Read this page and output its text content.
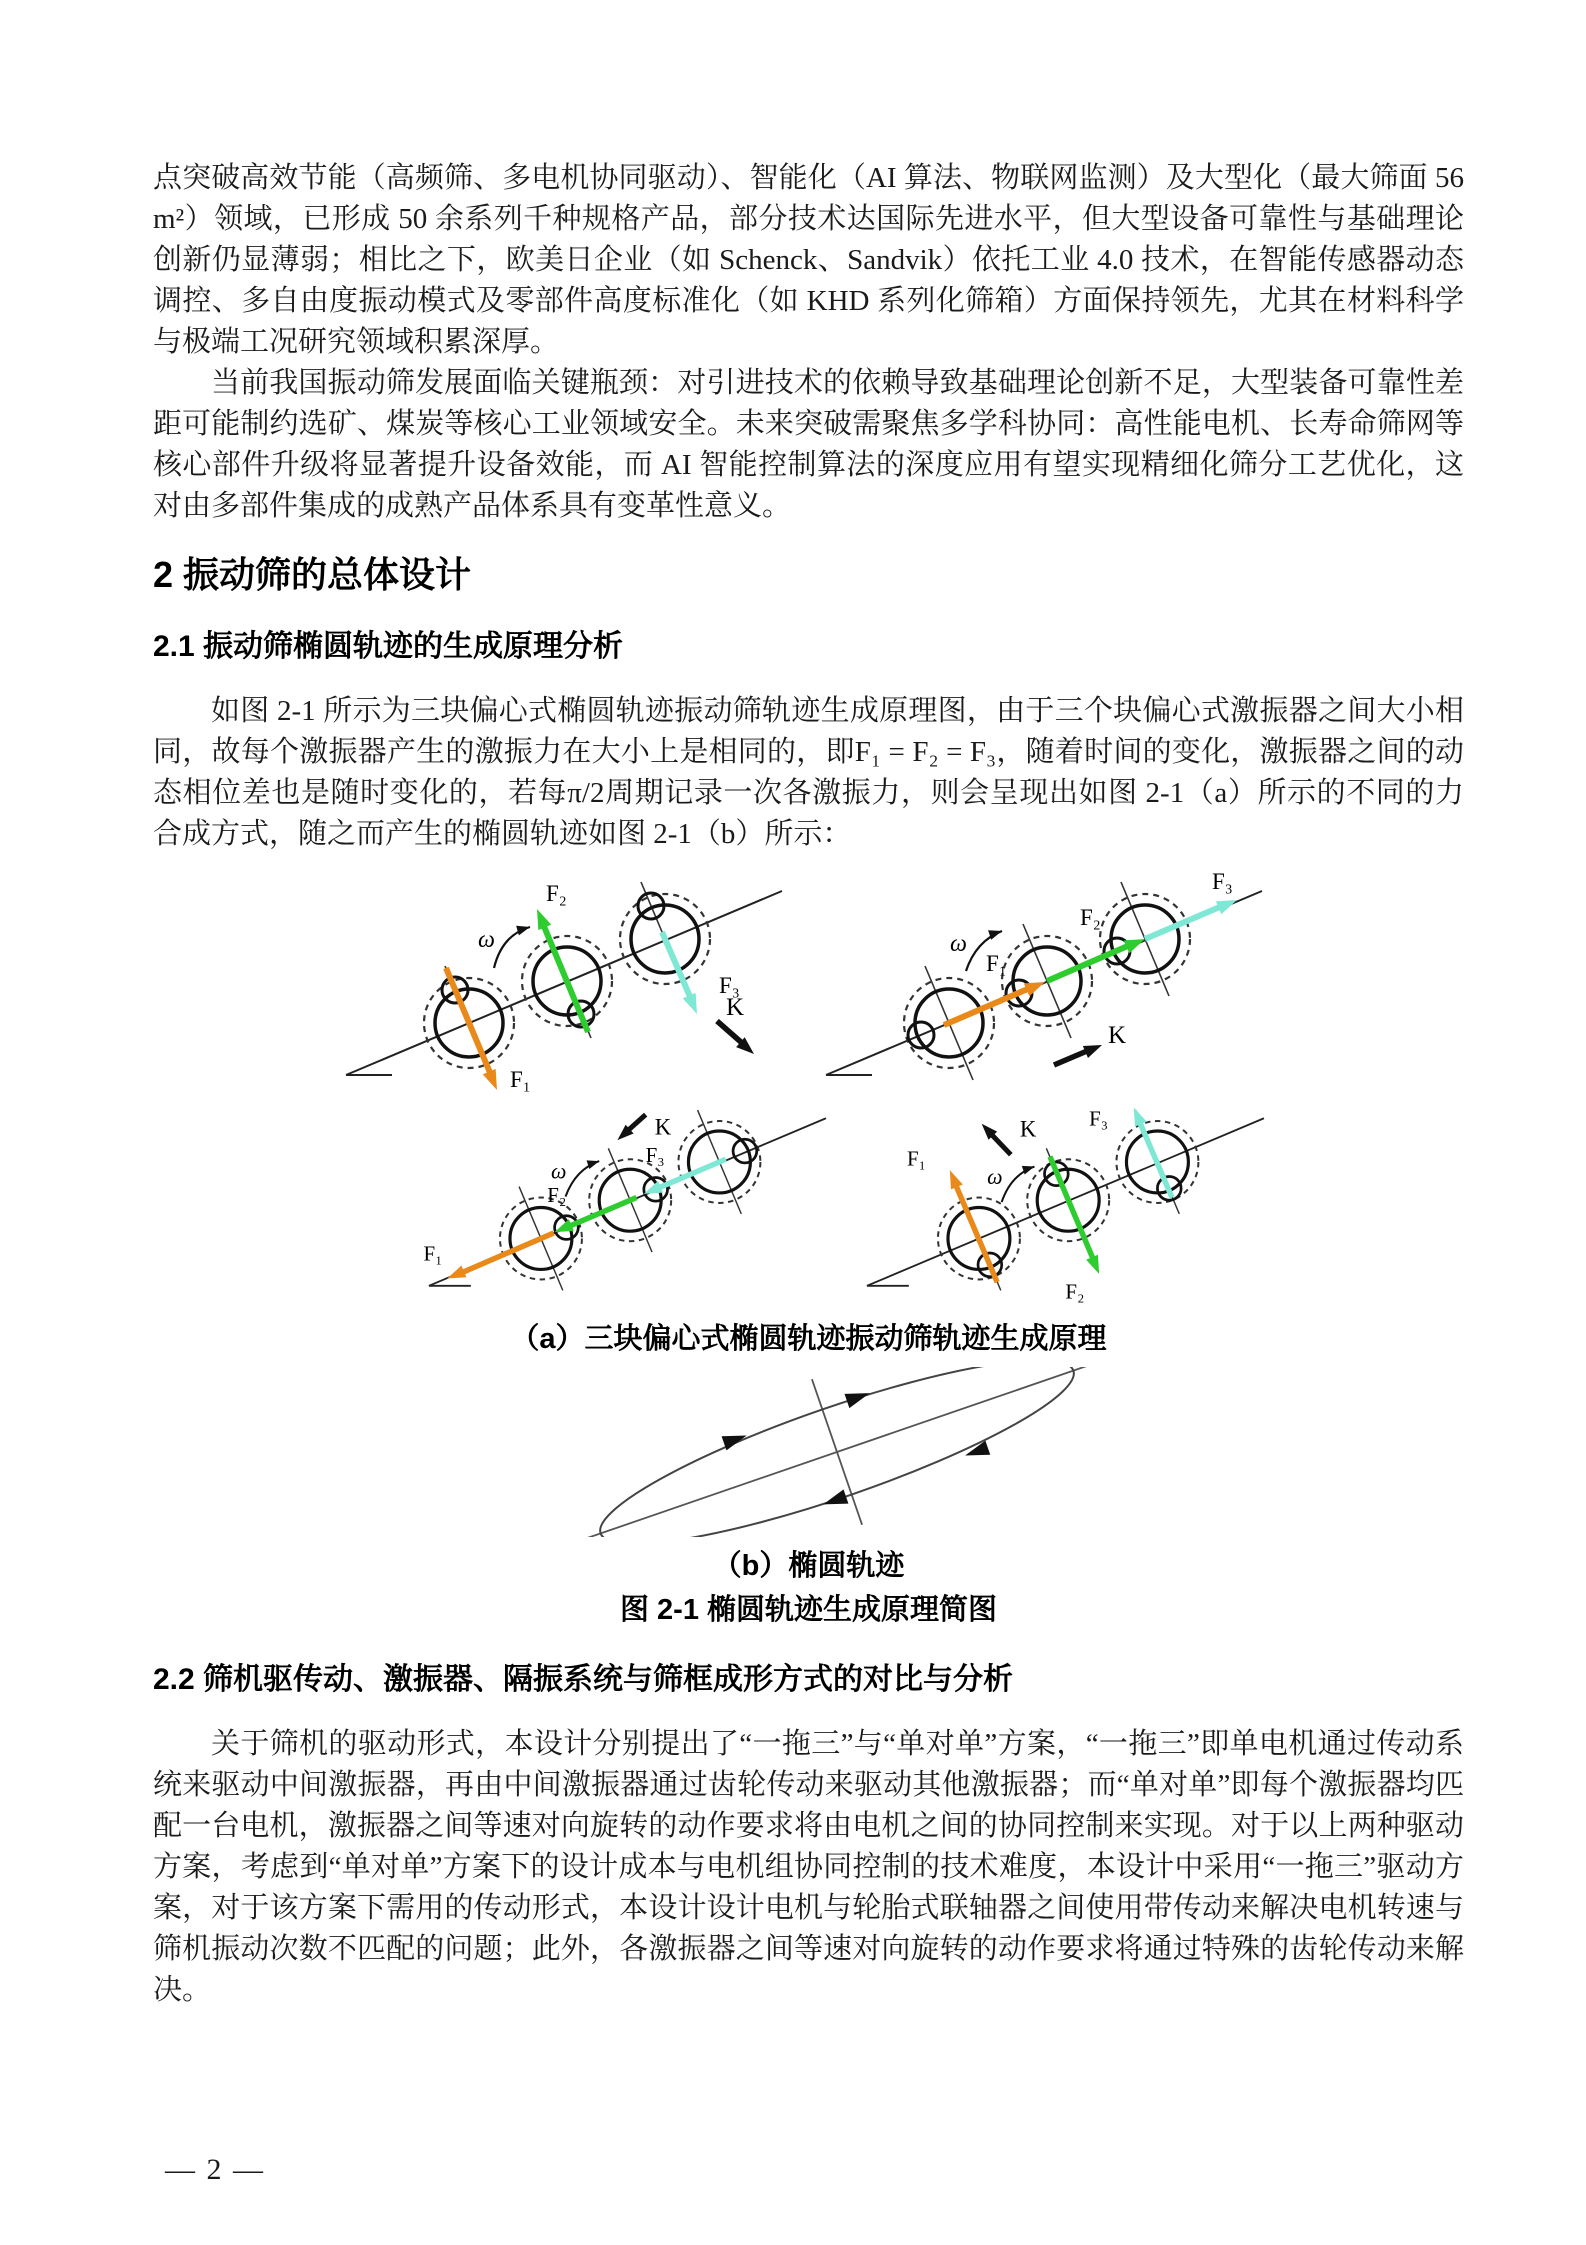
点突破高效节能（高频筛、多电机协同驱动）、智能化（AI 算法、物联网监测）及大型化（最大筛面 56m²）领域，已形成 50 余系列千种规格产品，部分技术达国际先进水平，但大型设备可靠性与基础理论创新仍显薄弱；相比之下，欧美日企业（如 Schenck、Sandvik）依托工业 4.0 技术，在智能传感器动态调控、多自由度振动模式及零部件高度标准化（如 KHD 系列化筛箱）方面保持领先，尤其在材料科学与极端工况研究领域积累深厚。

当前我国振动筛发展面临关键瓶颈：对引进技术的依赖导致基础理论创新不足，大型装备可靠性差距可能制约选矿、煤炭等核心工业领域安全。未来突破需聚焦多学科协同：高性能电机、长寿命筛网等核心部件升级将显著提升设备效能，而 AI 智能控制算法的深度应用有望实现精细化筛分工艺优化，这对由多部件集成的成熟产品体系具有变革性意义。

2 振动筛的总体设计
2.1 振动筛椭圆轨迹的生成原理分析

如图 2-1 所示为三块偏心式椭圆轨迹振动筛轨迹生成原理图，由于三个块偏心式激振器之间大小相同，故每个激振器产生的激振力在大小上是相同的，即F₁ = F₂ = F₃，随着时间的变化，激振器之间的动态相位差也是随时变化的，若每π/2周期记录一次各激振力，则会呈现出如图 2-1（a）所示的不同的力合成方式，随之而产生的椭圆轨迹如图 2-1（b）所示：

ω
F₁
F₂
F₃
K
ω
F₁
F₂
F₃
K
ω
F₁
F₂
F₃
K
ω
F₁
F₂
F₃
K

（a）三块偏心式椭圆轨迹振动筛轨迹生成原理

（b）椭圆轨迹

图 2-1 椭圆轨迹生成原理简图

2.2 筛机驱传动、激振器、隔振系统与筛框成形方式的对比与分析

关于筛机的驱动形式，本设计分别提出了“一拖三”与“单对单”方案，“一拖三”即单电机通过传动系统来驱动中间激振器，再由中间激振器通过齿轮传动来驱动其他激振器；而“单对单”即每个激振器均匹配一台电机，激振器之间等速对向旋转的动作要求将由电机之间的协同控制来实现。对于以上两种驱动方案，考虑到“单对单”方案下的设计成本与电机组协同控制的技术难度，本设计中采用“一拖三”驱动方案，对于该方案下需用的传动形式，本设计设计电机与轮胎式联轴器之间使用带传动来解决电机转速与筛机振动次数不匹配的问题；此外，各激振器之间等速对向旋转的动作要求将通过特殊的齿轮传动来解决。

— 2 —
